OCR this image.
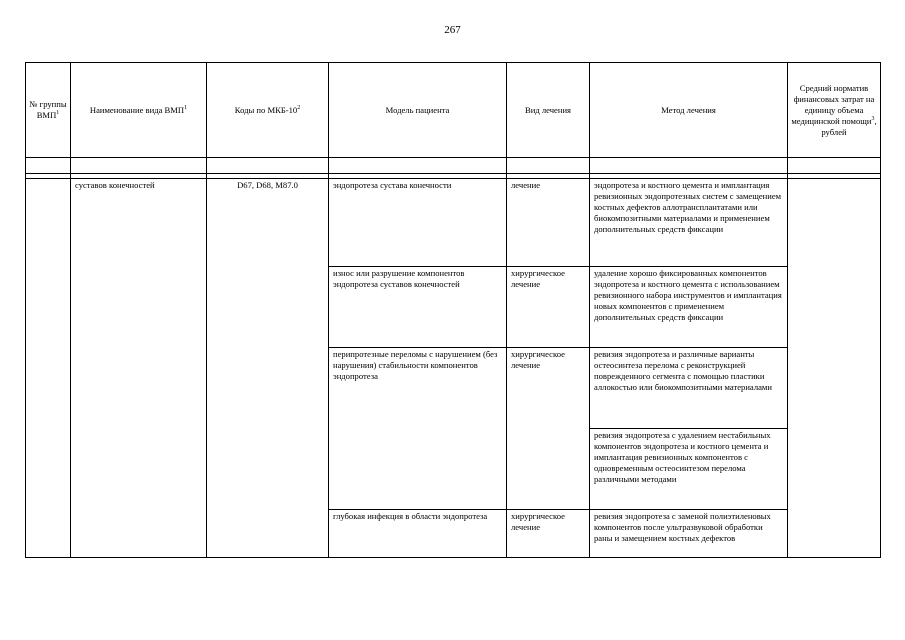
267
№ группы ВМП$^1$	Наименование вида ВМП$^1$	Коды по МКБ-$10^2$	Модель пациента	Вид лечения	Метод лечения	Средний норматив финансовых затрат на единицу объема медицинской помощи$^3$, рублей

	суставов конечностей	D67, D68, M87.0	эндопротеза сустава конечности	лечение	эндопротеза и костного цемента и имплантация ревизионных эндопротезных систем с замещением костных дефектов аллотрансплантатами или биокомпозитными материалами и применением дополнительных средств фиксации	
			износ или разрушение компонентов эндопротеза суставов конечностей	хирургическое лечение	удаление хорошо фиксированных компонентов эндопротеза и костного цемента с использованием ревизионного набора инструментов и имплантация новых компонентов с применением дополнительных средств фиксации	
			перипротезные переломы с нарушением (без нарушения) стабильности компонентов эндопротеза	хирургическое лечение	ревизия эндопротеза и различные варианты остеосинтеза перелома с реконструкцией поврежденного сегмента с помощью пластики аллокостью или биокомпозитными материалами	
					ревизия эндопротеза с удалением нестабильных компонентов эндопротеза и костного цемента и имплантация ревизионных компонентов с одновременным остеосинтезом перелома различными методами	
			глубокая инфекция в области эндопротеза	хирургическое лечение	ревизия эндопротеза с заменой полиэтиленовых компонентов после ультразвуковой обработки раны и замещением костных дефектов	
